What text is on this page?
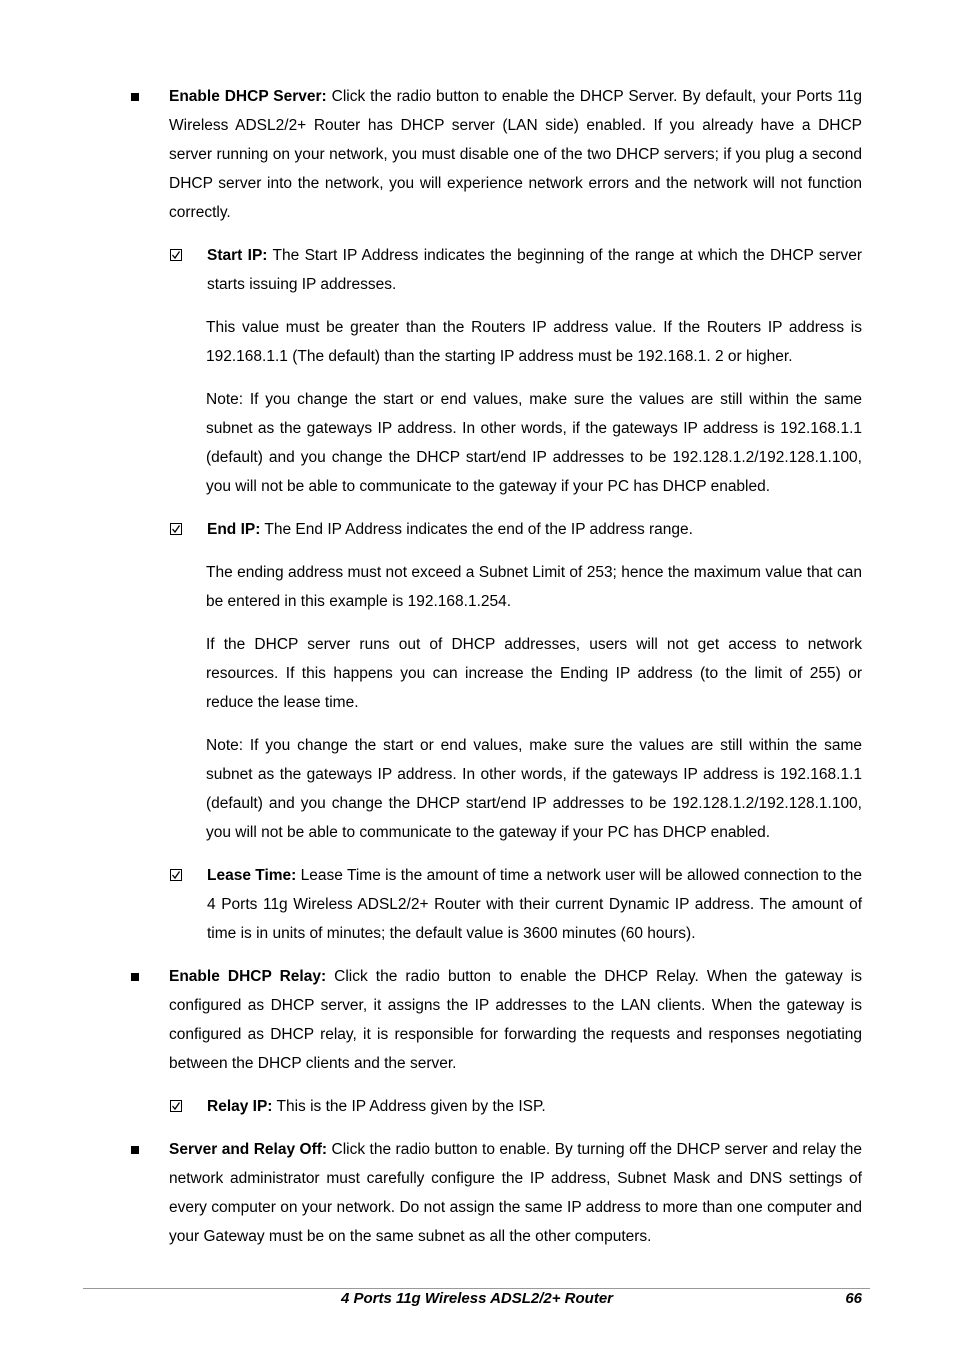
Enable DHCP Server: Click the radio button to enable the DHCP Server. By default, your Ports 11g Wireless ADSL2/2+ Router has DHCP server (LAN side) enabled. If you already have a DHCP server running on your network, you must disable one of the two DHCP servers; if you plug a second DHCP server into the network, you will experience network errors and the network will not function correctly.

Start IP: The Start IP Address indicates the beginning of the range at which the DHCP server starts issuing IP addresses.

This value must be greater than the Routers IP address value. If the Routers IP address is 192.168.1.1 (The default) than the starting IP address must be 192.168.1. 2 or higher.

Note: If you change the start or end values, make sure the values are still within the same subnet as the gateways IP address. In other words, if the gateways IP address is 192.168.1.1 (default) and you change the DHCP start/end IP addresses to be 192.128.1.2/192.128.1.100, you will not be able to communicate to the gateway if your PC has DHCP enabled.

End IP: The End IP Address indicates the end of the IP address range.

The ending address must not exceed a Subnet Limit of 253; hence the maximum value that can be entered in this example is 192.168.1.254.

If the DHCP server runs out of DHCP addresses, users will not get access to network resources. If this happens you can increase the Ending IP address (to the limit of 255) or reduce the lease time.

Note: If you change the start or end values, make sure the values are still within the same subnet as the gateways IP address. In other words, if the gateways IP address is 192.168.1.1 (default) and you change the DHCP start/end IP addresses to be 192.128.1.2/192.128.1.100, you will not be able to communicate to the gateway if your PC has DHCP enabled.

Lease Time: Lease Time is the amount of time a network user will be allowed connection to the 4 Ports 11g Wireless ADSL2/2+ Router with their current Dynamic IP address. The amount of time is in units of minutes; the default value is 3600 minutes (60 hours).

Enable DHCP Relay: Click the radio button to enable the DHCP Relay. When the gateway is configured as DHCP server, it assigns the IP addresses to the LAN clients. When the gateway is configured as DHCP relay, it is responsible for forwarding the requests and responses negotiating between the DHCP clients and the server.

Relay IP: This is the IP Address given by the ISP.

Server and Relay Off: Click the radio button to enable. By turning off the DHCP server and relay the network administrator must carefully configure the IP address, Subnet Mask and DNS settings of every computer on your network. Do not assign the same IP address to more than one computer and your Gateway must be on the same subnet as all the other computers.

4 Ports 11g Wireless ADSL2/2+ Router	66
